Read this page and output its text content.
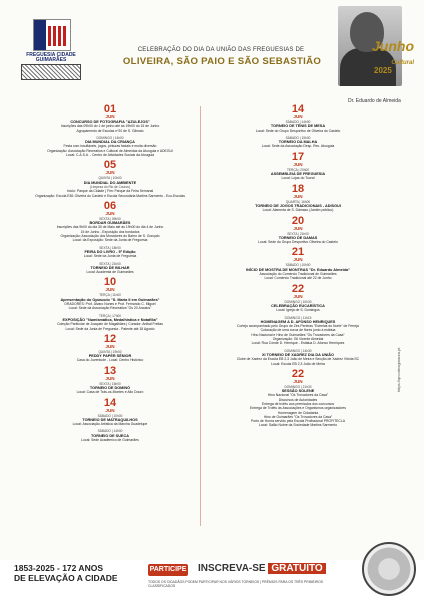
FREGUESIA CIDADE GUIMARÃES
CELEBRAÇÃO DO DIA DA UNIÃO DAS FREGUESIAS DE
OLIVEIRA, SÃO PAIO E SÃO SEBASTIÃO
Junho
Cultural
2025
Dr. Eduardo de Almeida
01
JUN
CONCURSO DE FOTOGRAFIA "AZULEJOS"
Inscrições das 09h00 do 1 de junho até às 19h00 do 15 de Junho
Agrupamento de Escolas nº20 de S. Gilmaio
DOMINGO | 14h00
DIA MUNDIAL DA CRIANÇA
Festa com insufláveis, jogos, pinturas faciais e muita diversão
Organização: Associação Recreativa e Cultural de Almeidas da Atouguia e ADEGUI
Local: C.A.S.A. - Centro de Atividades Sociais da Atouguia
05
JUN
QUINTA | 10h00
DIA MUNDIAL DO AMBIENTE
(Limpeza do Rio de Couros)
Início: Parque da Cidade | Fim: Parque da Feira Semanal
Organização: Escola EB1 Oliveira do Castelo e Escola Secundária Martins Sarmento - Eco-Escolas
06
JUN
SEXTA | 09h00
BORDAR GUIMARÃES
Inscrições das 9h00 do dia 30 de Maio até às 19h00 do dia 4 de Junho
15 de Junho - Exposição dos bordados
Organização: Associação dos Moradores do Bairro de S. Gonçalo
Local: da Exposição: Sede da Junta de Freguesia
SEXTA | 18h00
FEIRA DO LIVRO - 5ª Edição
Local: Sede da Junta de Freguesia
SEXTA | 21h00
TORNEIO DE BILHAR
Local: Academia de Guimarães
10
JUN
TERÇA | 11h00
Apresentação do Opúsculo "S. Maria II em Guimarães"
ORADORES: Prof. Álvaro Nunes e Prof. Fernando C. Miguel
Local: Sede da Associação Recreativa "Os 20 Arautos"
TERÇA | 17h00
EXPOSIÇÃO "Numismática, Medalhística e Notafilia"
Coleção Particular de Joaquim de Magalhães | Curador: Anibal Freitas
Local: Sede da Junta de Freguesia - Patente até 18 Agosto
12
JUN
QUINTA | 19h00
PEDDY PAPER SÉNIOR
Casa do Juventude - Local: Centro Histórico
13
JUN
SEXTA | 15h00
TORNEIO DE DOMINÓ
Local: Casa de Trás-os-Montes e Alto Douro
14
JUN
SÁBADO | 10h00
TORNEIO DE MATRAQUILHOS
Local: Associação Artística da Marcha Guadelupe
SÁBADO | 14h00
TORNEIO DE SUECA
Local: Sede Académico de Guimarães
14
JUN
SÁBADO | 14h00
TORNEIO DE TÉNIS DE MESA
Local: Sede do Grupo Desportivo de Oliveira do Castelo
SÁBADO | 15h00
TORNEIO DA MALHA
Local: Sede da Associação Desp. Rec. Atouguia
17
JUN
TERÇA | 20h00
ASSEMBLEIA DE FREGUESIA
Local: Lojas do Toural
18
JUN
QUARTA | 16h00
TORNEIO DE JOGOS TRADICIONAIS - ADISGUI
Local: Alameda de S. Dâmaso (Jardim público)
20
JUN
SEXTA | 21h00
TORNEIO DE DAMAS
Local: Sede do Grupo Desportivo Oliveira do Castelo
21
JUN
SÁBADO | 10h00
INÍCIO DE MOSTRA DE MONTRAS "Dr. Eduardo Almeida"
Associação do Comércio Tradicional de Guimarães
Local: Comércio Tradicional até 22 de Junho
22
JUN
DOMINGO | 10h30
CELEBRAÇÃO EUCARÍSTICA
Local: Igreja de S. Domingos
DOMINGO | 11h15
HOMENAGEM A D. AFONSO HENRIQUES
Cortejo acompanhado pelo Grupo de Zés Pereiras "Estrelas do Norte" de Ferreja
Colocação de uma coroa de flores junto à estátua
Hino Nacional e Hino de Guimarães "Os Trovadores da Casa"
Organização: Gil Vicente Almeida
Local: Rua Conde D. Henrique - Estátua D. Afonso Henriques
DOMINGO | 14h30
XI TORNEIO DE XADREZ DIA DA UNIÃO
Clube de Xadrez da Escola EB 2,3 João de Meira e Secção de Xadrez Vitória SC
Local: Escola EB 2,3 João de Meira
22
JUN
DOMINGO | 21h30
SESSÃO SOLENE
Hino Nacional "Os Trovadores da Casa"
Discursos de Autoridades
Entrega de troféu aos premiados dos concursos
Entrega de Troféu às Associações e Organismos organizadores
Homenagem de Cidadania
Hino de Guimarães "Os Trovadores da Casa"
Porto de Honra servido pela Escola Profissional PROFITECLA
Local: Salão Nobre da Sociedade Martins Sarmento
https://qrcodeagmaura.pt
1853-2025 - 172 ANOS
DE ELEVAÇÃO A CIDADE
PARTICIPE INSCREVA-SE GRATUITO
TODOS OS CIDADÃOS PODEM PARTICIPAR NOS VÁRIOS TORNEIOS | PRÉMIOS PARA OS TRÊS PRIMEIROS CLASSIFICADOS
